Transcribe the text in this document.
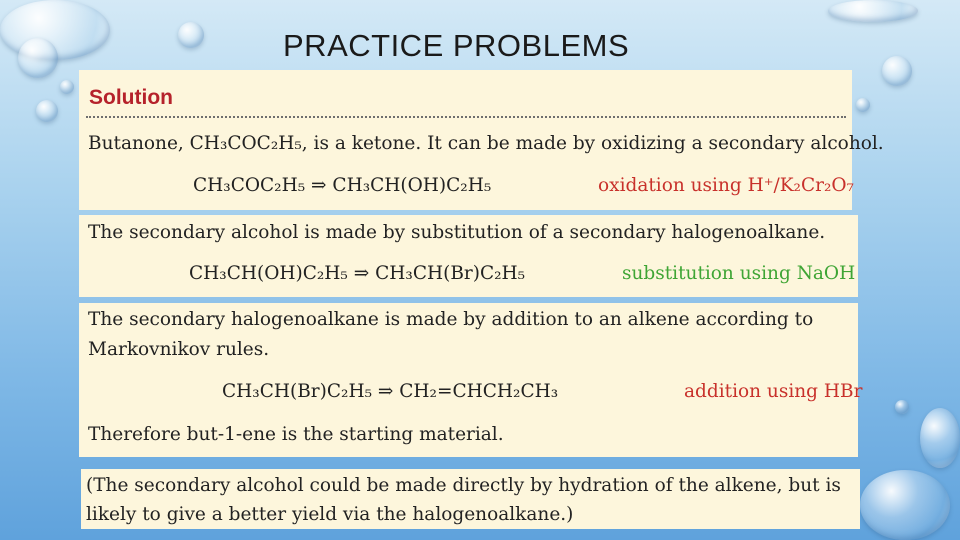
PRACTICE PROBLEMS
Solution
Butanone, CH₃COC₂H₅, is a ketone. It can be made by oxidizing a secondary alcohol.
CH₃COC₂H₅ ⇒ CH₃CH(OH)C₂H₅	oxidation using H⁺/K₂Cr₂O₇
The secondary alcohol is made by substitution of a secondary halogenoalkane.
CH₃CH(OH)C₂H₅ ⇒ CH₃CH(Br)C₂H₅	substitution using NaOH
The secondary halogenoalkane is made by addition to an alkene according to
Markovnikov rules.
CH₃CH(Br)C₂H₅ ⇒ CH₂=CHCH₂CH₃	addition using HBr
Therefore but-1-ene is the starting material.
(The secondary alcohol could be made directly by hydration of the alkene, but is
likely to give a better yield via the halogenoalkane.)
